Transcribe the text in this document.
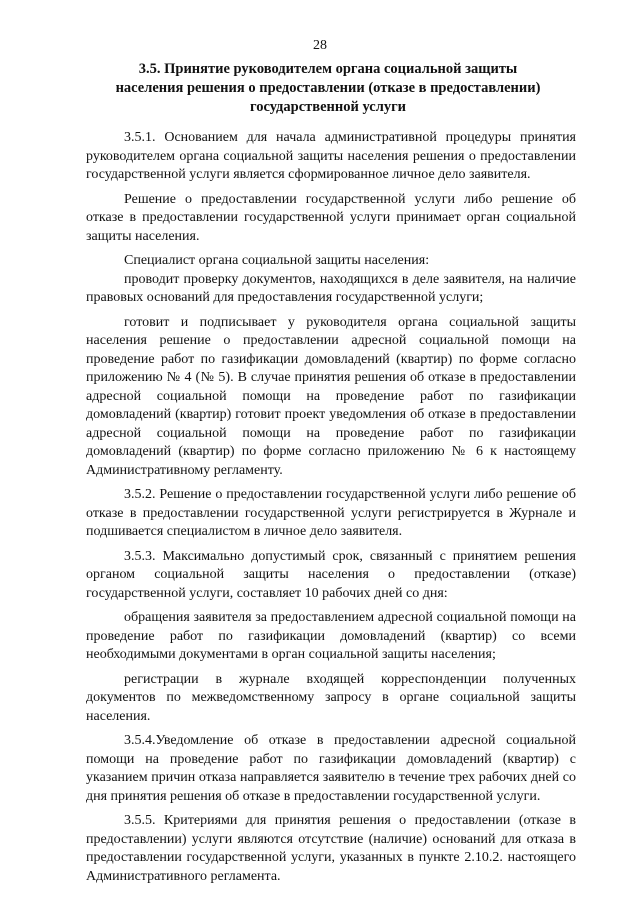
28
3.5. Принятие руководителем органа социальной защиты
населения решения о предоставлении (отказе в предоставлении)
государственной услуги

3.5.1. Основанием для начала административной процедуры принятия руководителем органа социальной защиты населения решения о предоставлении государственной услуги является сформированное личное дело заявителя.

Решение о предоставлении государственной услуги либо решение об отказе в предоставлении государственной услуги принимает орган социальной защиты населения.

Специалист органа социальной защиты населения:

проводит проверку документов, находящихся в деле заявителя, на наличие правовых оснований для предоставления государственной услуги;

готовит и подписывает у руководителя органа социальной защиты населения решение о предоставлении адресной социальной помощи на проведение работ по газификации домовладений (квартир) по форме согласно приложению № 4 (№ 5). В случае принятия решения об отказе в предоставлении адресной социальной помощи на проведение работ по газификации домовладений (квартир) готовит проект уведомления об отказе в предоставлении адресной социальной помощи на проведение работ по газификации домовладений (квартир) по форме согласно приложению № 6 к настоящему Административному регламенту.

3.5.2. Решение о предоставлении государственной услуги либо решение об отказе в предоставлении государственной услуги регистрируется в Журнале и подшивается специалистом в личное дело заявителя.

3.5.3. Максимально допустимый срок, связанный с принятием решения органом социальной защиты населения о предоставлении (отказе) государственной услуги, составляет 10 рабочих дней со дня:

обращения заявителя за предоставлением адресной социальной помощи на проведение работ по газификации домовладений (квартир) со всеми необходимыми документами в орган социальной защиты населения;

регистрации в журнале входящей корреспонденции полученных документов по межведомственному запросу в органе социальной защиты населения.

3.5.4.Уведомление об отказе в предоставлении адресной социальной помощи на проведение работ по газификации домовладений (квартир) с указанием причин отказа направляется заявителю в течение трех рабочих дней со дня принятия решения об отказе в предоставлении государственной услуги.

3.5.5. Критериями для принятия решения о предоставлении (отказе в предоставлении) услуги являются отсутствие (наличие) оснований для отказа в предоставлении государственной услуги, указанных в пункте 2.10.2. настоящего Административного регламента.
